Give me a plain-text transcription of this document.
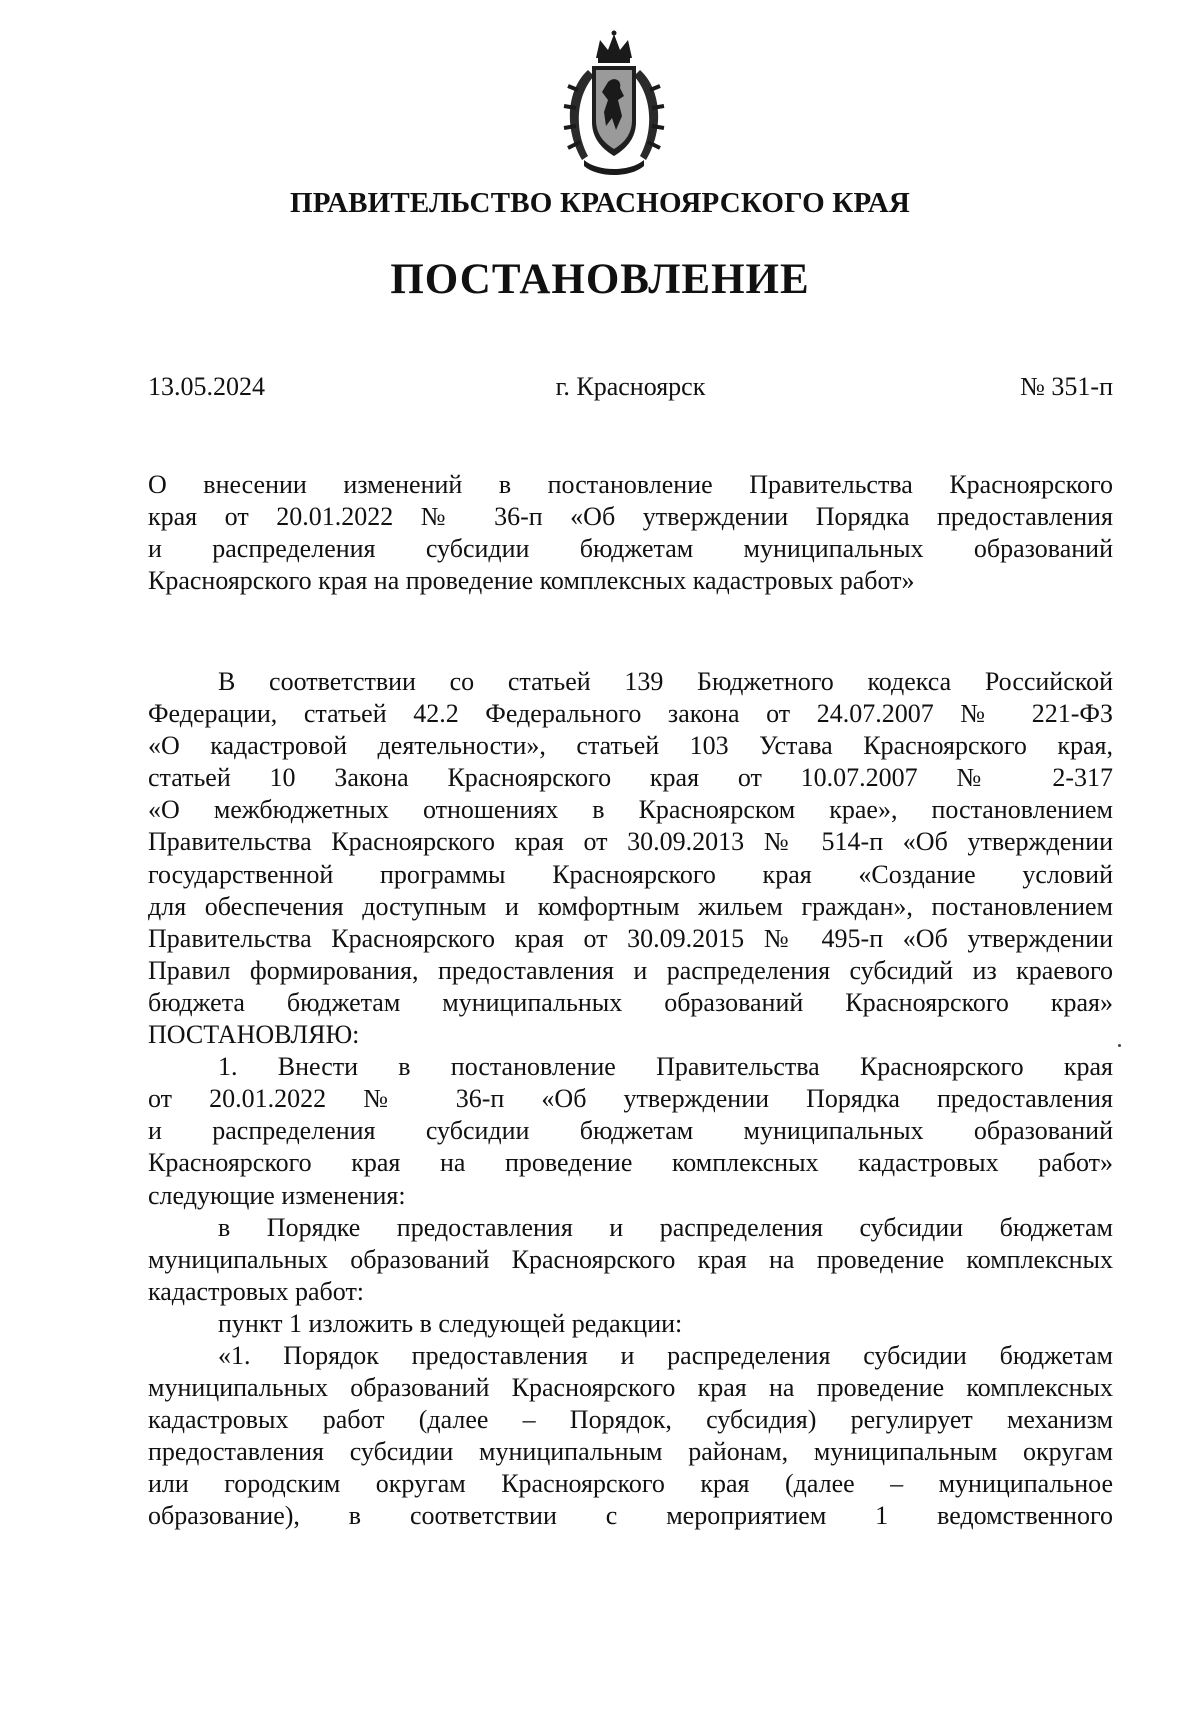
ПРАВИТЕЛЬСТВО КРАСНОЯРСКОГО КРАЯ
ПОСТАНОВЛЕНИЕ
г. Красноярск
13.05.2024	№ 351-п

О внесении изменений в постановление Правительства Красноярского

края от 20.01.2022 № 36-п «Об утверждении Порядка предоставления

и распределения субсидии бюджетам муниципальных образований

Красноярского края на проведение комплексных кадастровых работ»

В соответствии со статьей 139 Бюджетного кодекса Российской

Федерации, статьей 42.2 Федерального закона от 24.07.2007 № 221-ФЗ

«О кадастровой деятельности», статьей 103 Устава Красноярского края,

статьей 10 Закона Красноярского края от 10.07.2007 № 2-317

«О межбюджетных отношениях в Красноярском крае», постановлением

Правительства Красноярского края от 30.09.2013 № 514-п «Об утверждении

государственной программы Красноярского края «Создание условий

для обеспечения доступным и комфортным жильем граждан», постановлением

Правительства Красноярского края от 30.09.2015 № 495-п «Об утверждении

Правил формирования, предоставления и распределения субсидий из краевого

бюджета бюджетам муниципальных образований Красноярского края»

ПОСТАНОВЛЯЮ:

1. Внести в постановление Правительства Красноярского края

от 20.01.2022 № 36-п «Об утверждении Порядка предоставления

и распределения субсидии бюджетам муниципальных образований

Красноярского края на проведение комплексных кадастровых работ»

следующие изменения:

в Порядке предоставления и распределения субсидии бюджетам

муниципальных образований Красноярского края на проведение комплексных

кадастровых работ:

пункт 1 изложить в следующей редакции:

«1. Порядок предоставления и распределения субсидии бюджетам

муниципальных образований Красноярского края на проведение комплексных

кадастровых работ (далее – Порядок, субсидия) регулирует механизм

предоставления субсидии муниципальным районам, муниципальным округам

или городским округам Красноярского края (далее – муниципальное

образование), в соответствии с мероприятием 1 ведомственного
